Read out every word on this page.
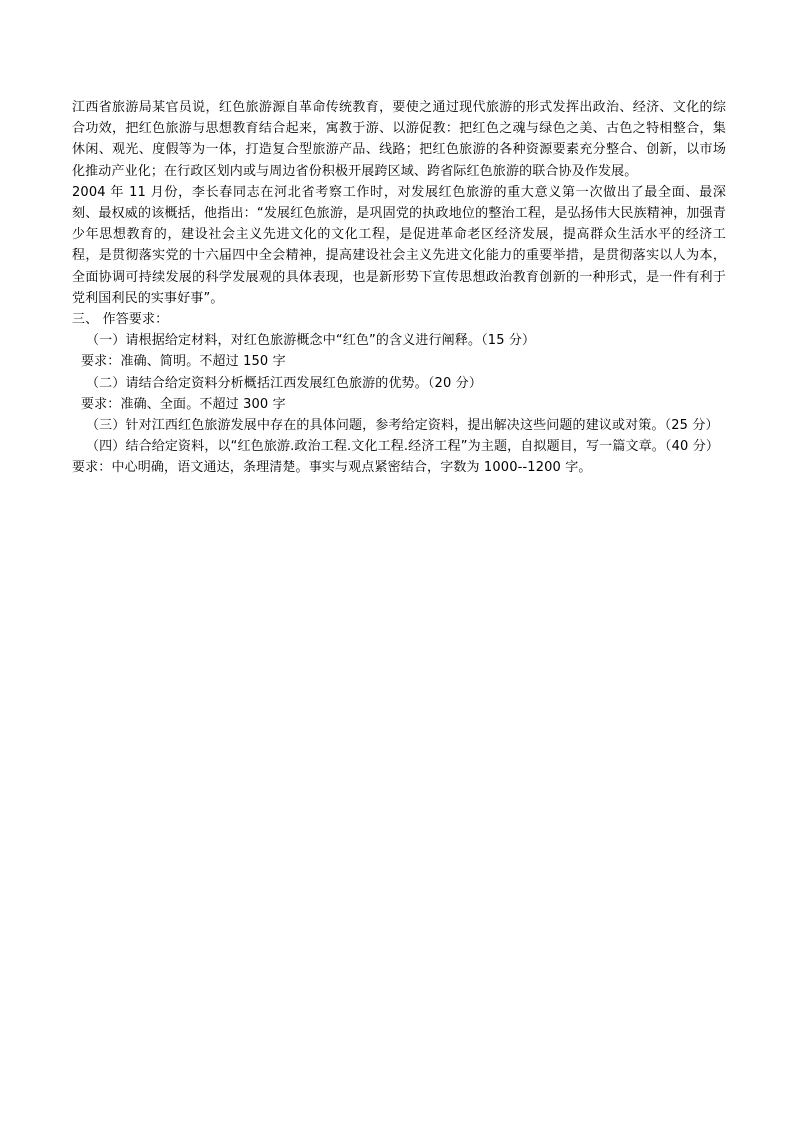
江西省旅游局某官员说，红色旅游源自革命传统教育，要使之通过现代旅游的形式发挥出政治、经济、文化的综合功效，把红色旅游与思想教育结合起来，寓教于游、以游促教：把红色之魂与绿色之美、古色之特相整合，集休闲、观光、度假等为一体，打造复合型旅游产品、线路；把红色旅游的各种资源要素充分整合、创新，以市场化推动产业化；在行政区划内或与周边省份积极开展跨区域、跨省际红色旅游的联合协及作发展。

2004 年 11 月份，李长春同志在河北省考察工作时，对发展红色旅游的重大意义第一次做出了最全面、最深刻、最权威的该概括，他指出：“发展红色旅游，是巩固党的执政地位的整治工程，是弘扬伟大民族精神，加强青少年思想教育的，建设社会主义先进文化的文化工程，是促进革命老区经济发展，提高群众生活水平的经济工程，是贯彻落实党的十六届四中全会精神，提高建设社会主义先进文化能力的重要举措，是贯彻落实以人为本，全面协调可持续发展的科学发展观的具体表现，也是新形势下宣传思想政治教育创新的一种形式，是一件有利于党利国利民的实事好事”。

三、 作答要求：

（一）请根据给定材料，对红色旅游概念中“红色”的含义进行阐释。（15 分）

要求：准确、简明。不超过 150 字

（二）请结合给定资料分析概括江西发展红色旅游的优势。（20 分）

要求：准确、全面。不超过 300 字

（三）针对江西红色旅游发展中存在的具体问题，参考给定资料，提出解决这些问题的建议或对策。（25 分）

（四）结合给定资料，以“红色旅游.政治工程.文化工程.经济工程”为主题，自拟题目，写一篇文章。（40 分）

要求：中心明确，语文通达，条理清楚。事实与观点紧密结合，字数为 1000--1200 字。
